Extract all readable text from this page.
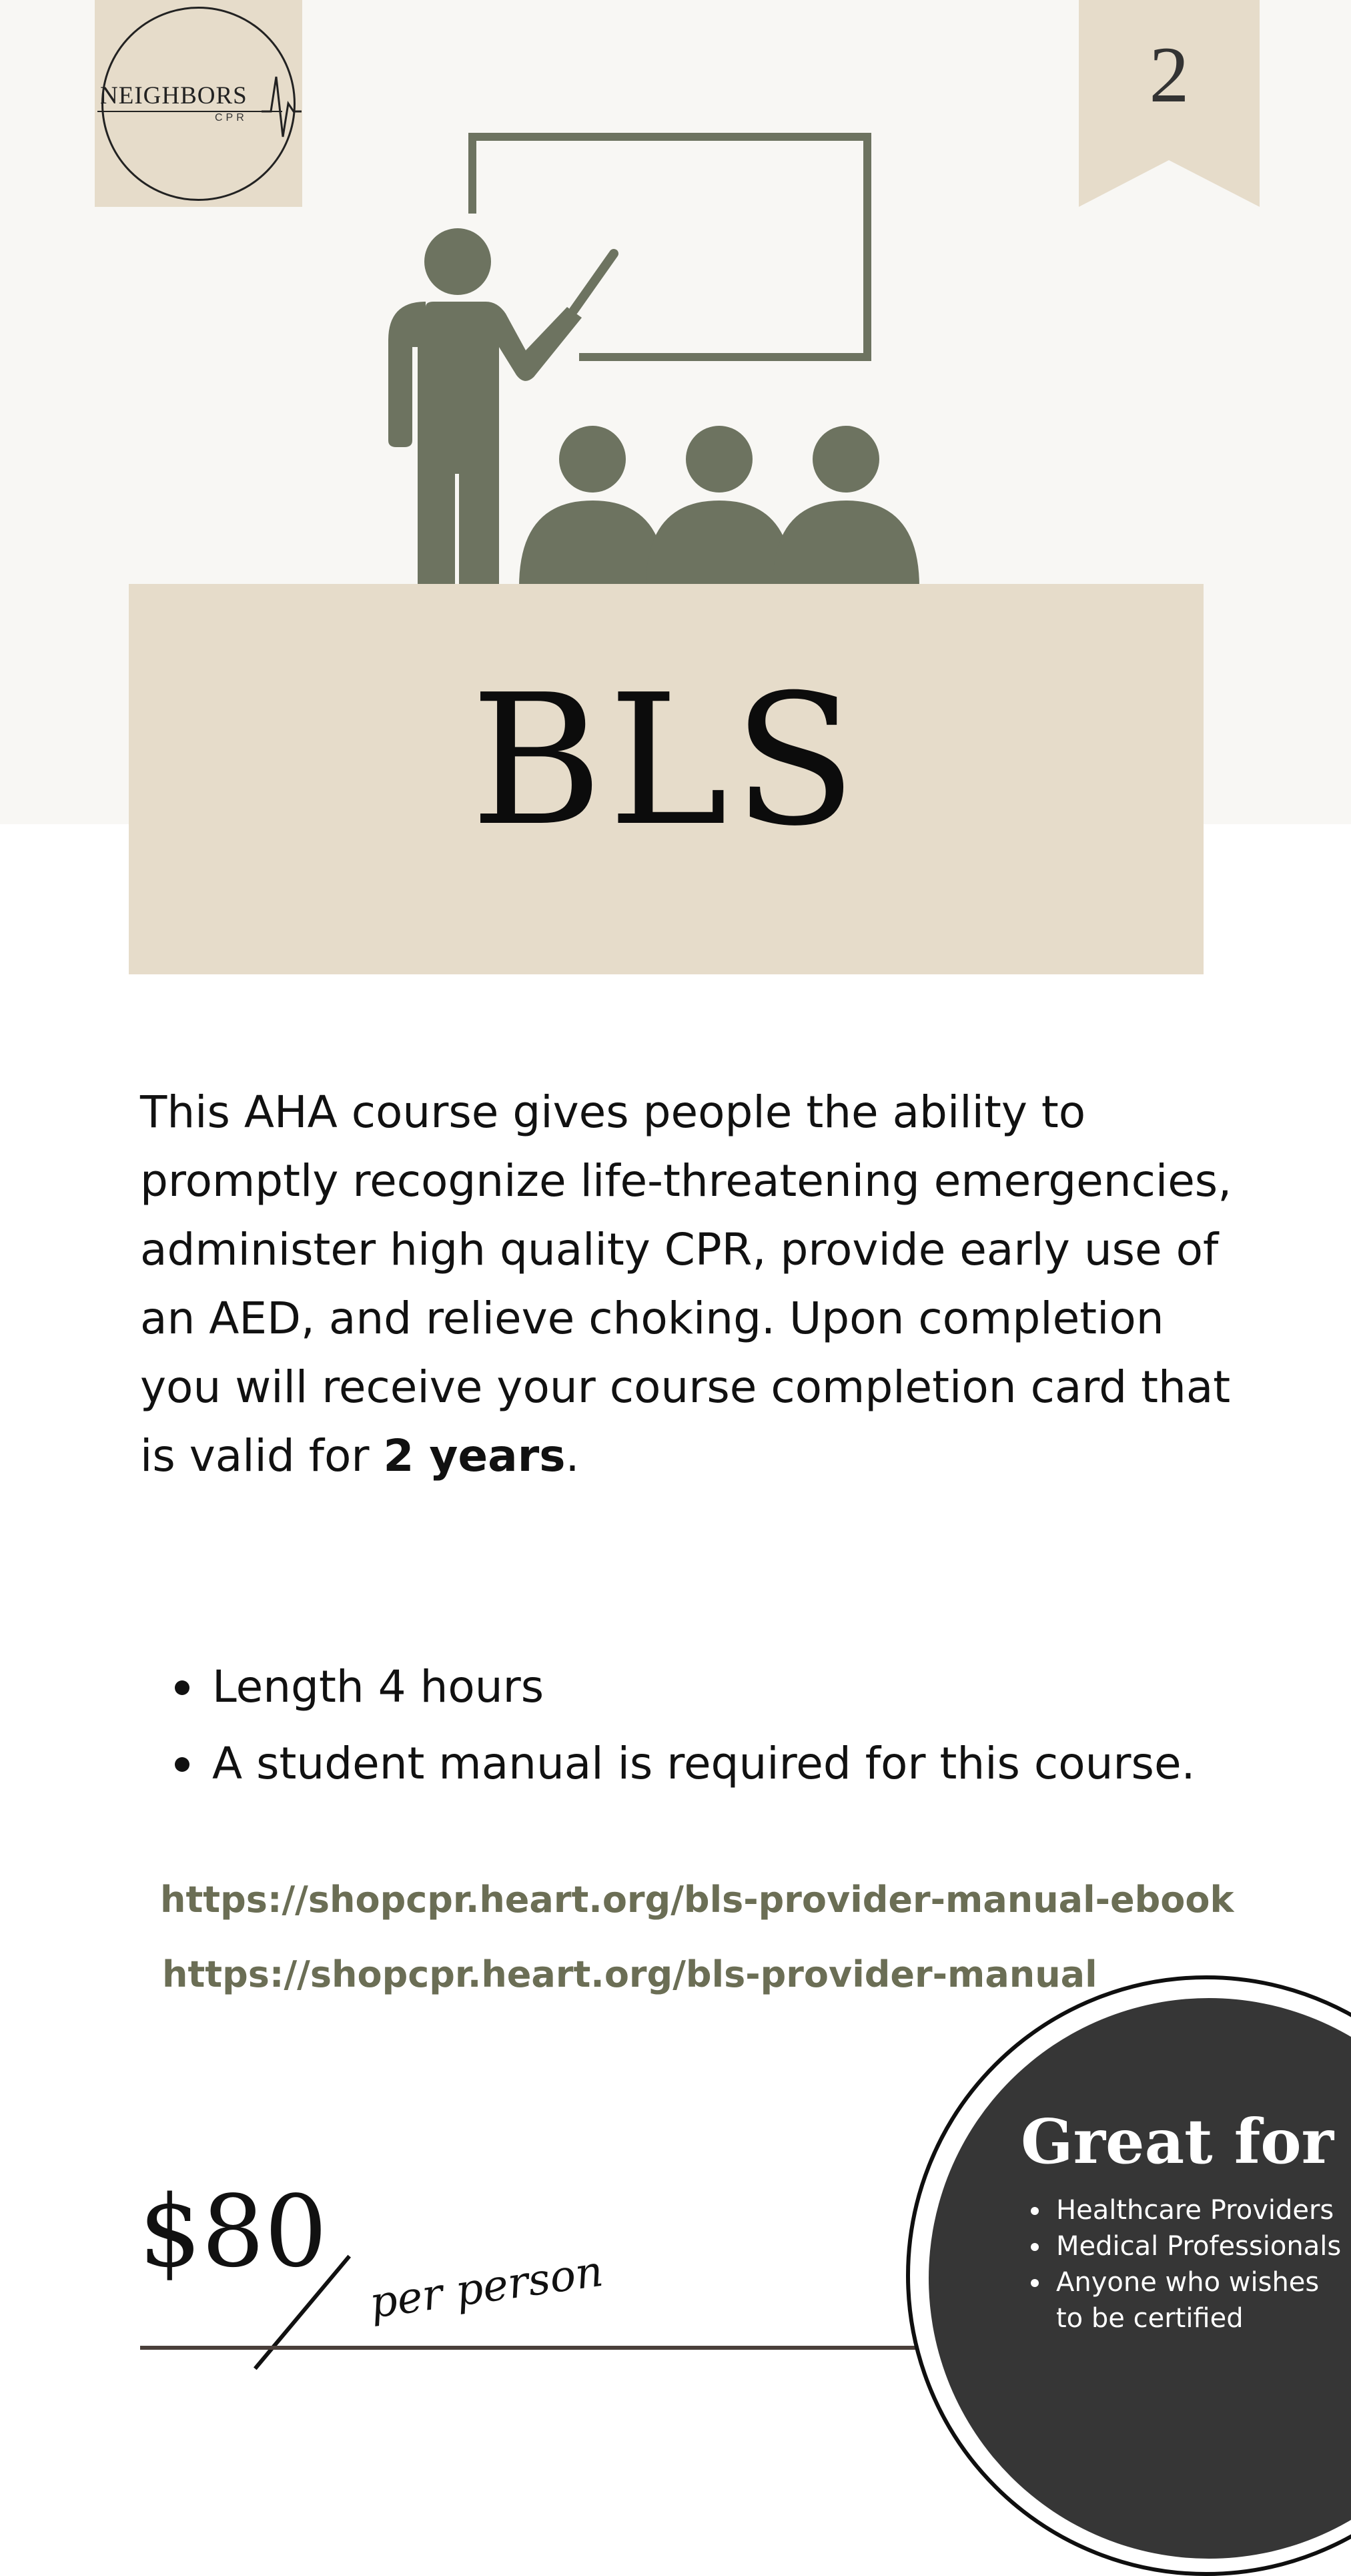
NEIGHBORS
CPR	2
BLS
This AHA course gives people the ability to promptly recognize life-threatening emergencies, administer high quality CPR, provide early use of an AED, and relieve choking. Upon completion you will receive your course completion card that is valid for 2 years.
Length 4 hours
A student manual is required for this course.
https://shopcpr.heart.org/bls-provider-manual-ebook
https://shopcpr.heart.org/bls-provider-manual
$80 per person
Great for
Healthcare Providers
Medical Professionals
Anyone who wishes to be certified
